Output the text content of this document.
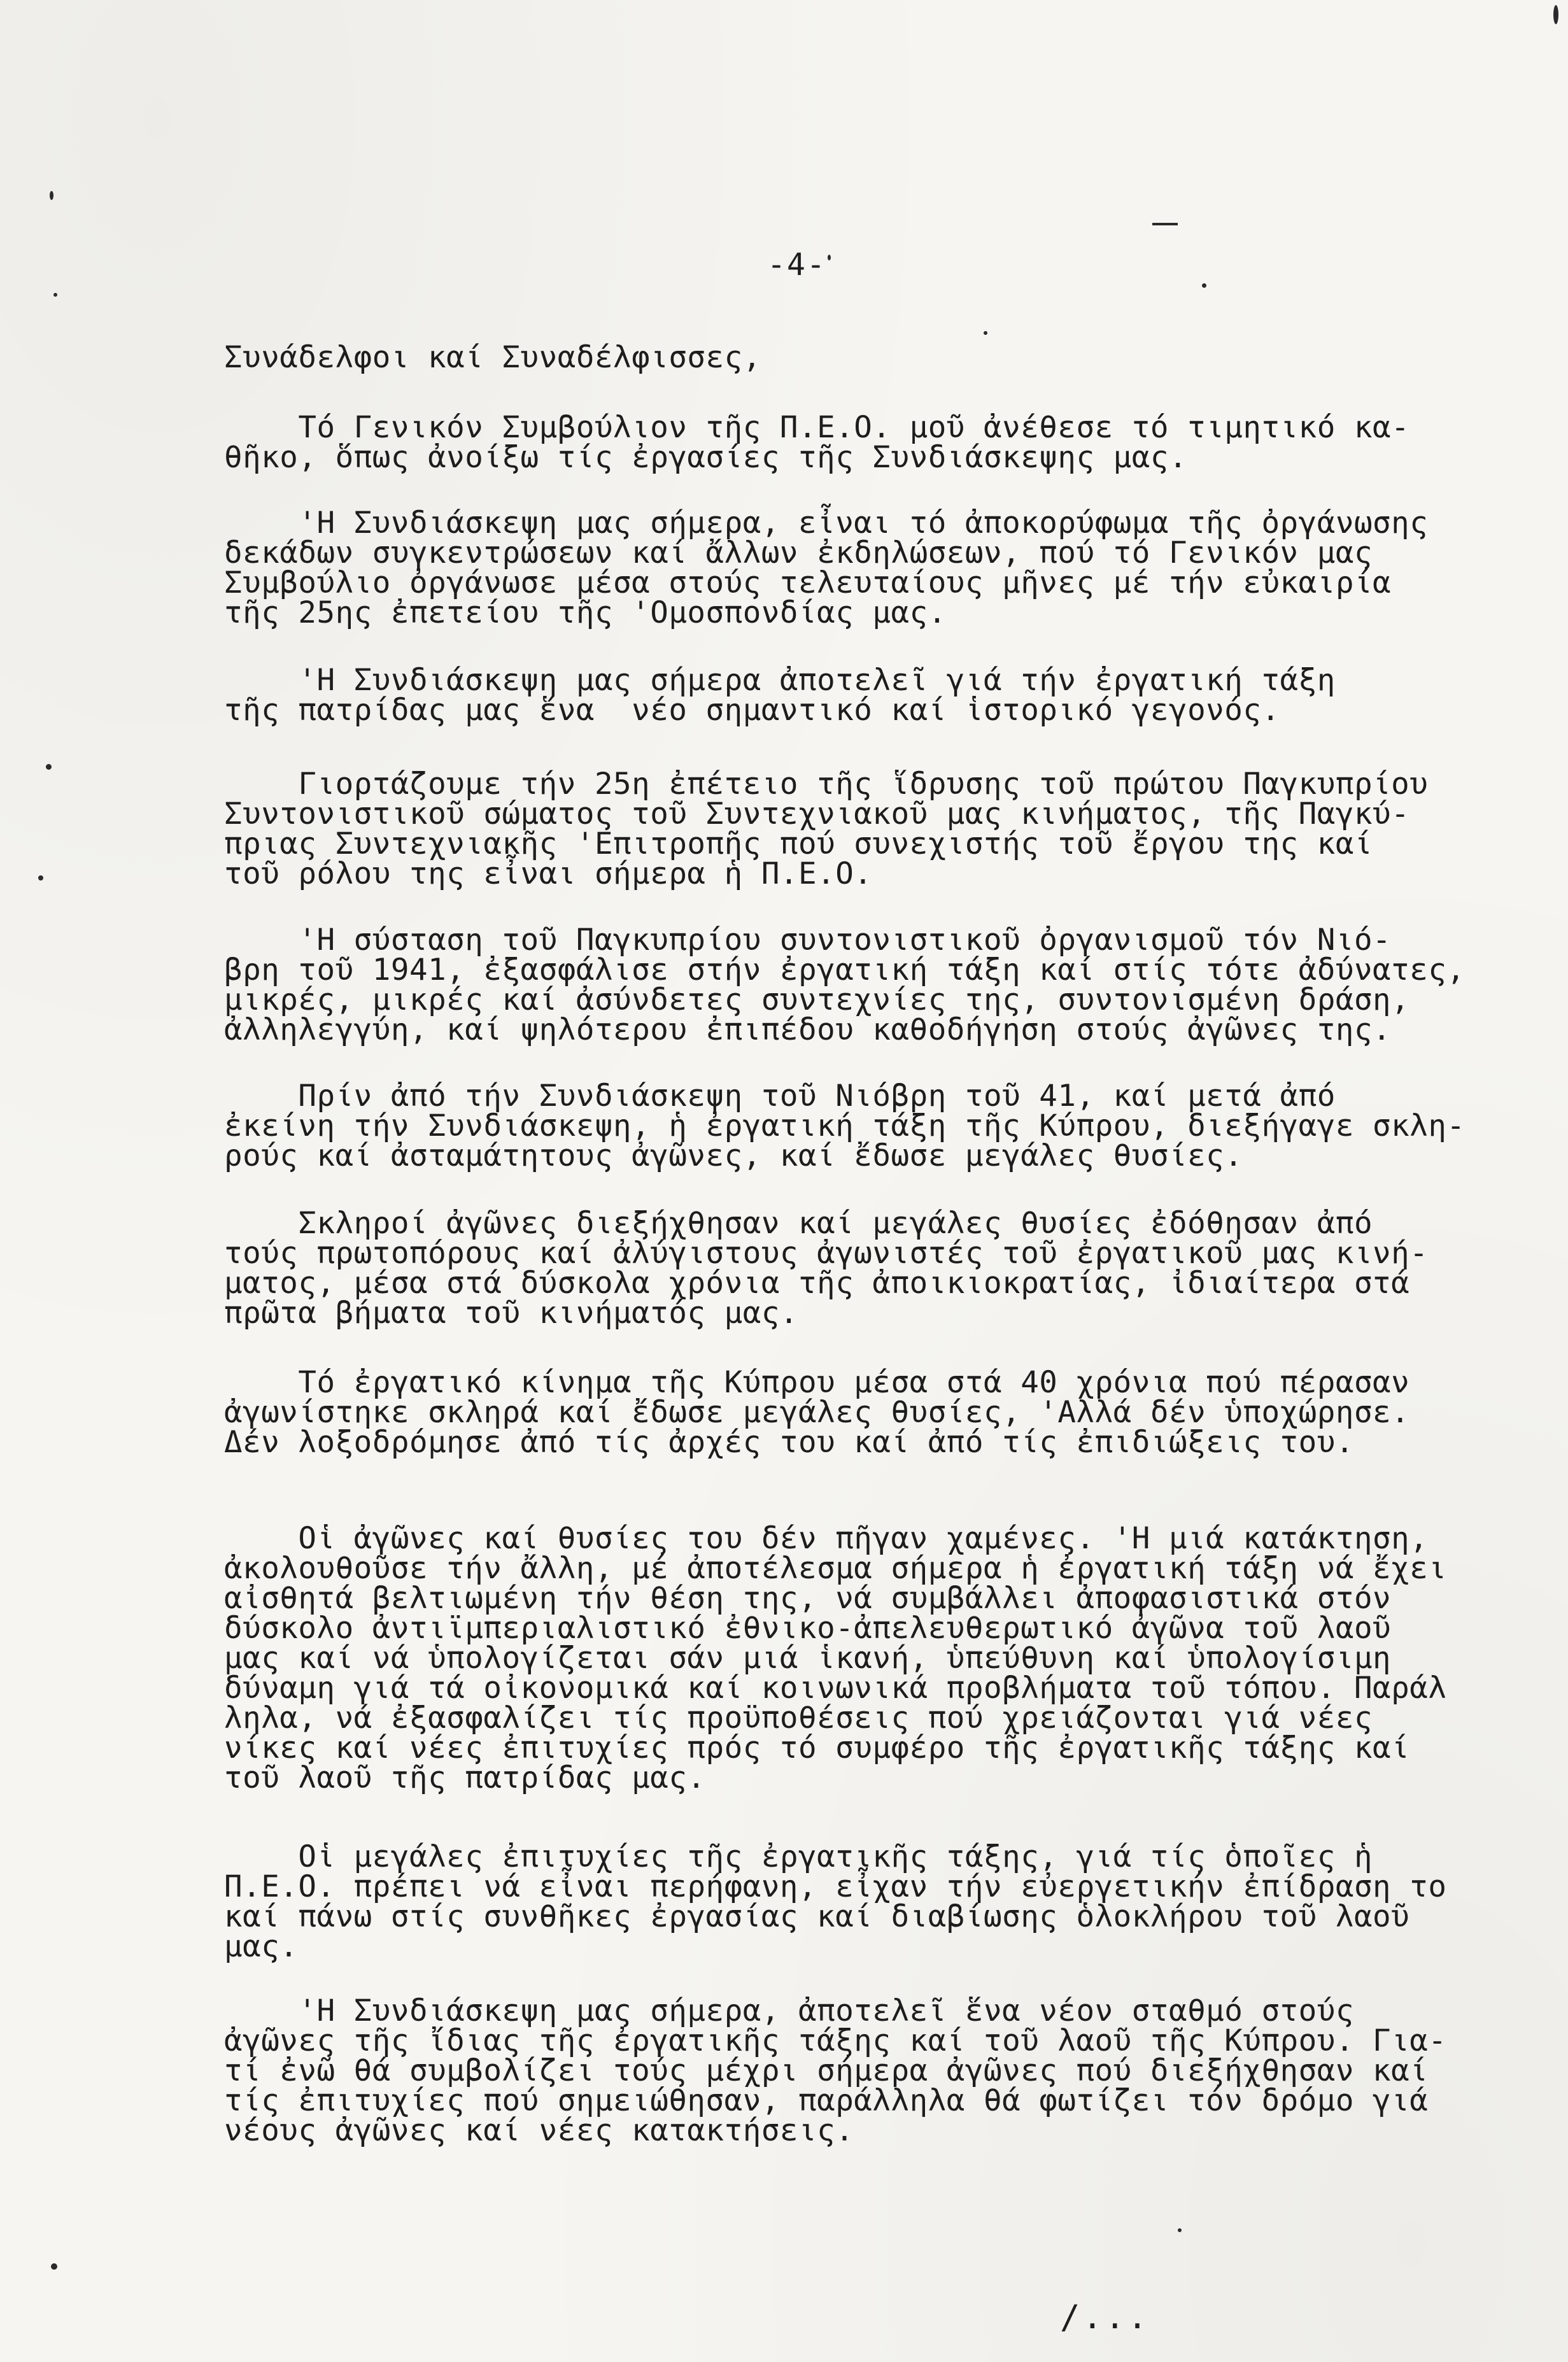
-4-
Συνάδελφοι καί Συναδέλφισσες,
Τό Γενικόν Συμβούλιον τῆς Π.Ε.Ο. μοῦ ἀνέθεσε τό τιμητικό κα-
θῆκο, ὅπως ἀνοίξω τίς ἐργασίες τῆς Συνδιάσκεψης μας.
'Η Συνδιάσκεψη μας σήμερα, εἶναι τό ἀποκορύφωμα τῆς ὀργάνωσης
δεκάδων συγκεντρώσεων καί ἄλλων ἐκδηλώσεων, πού τό Γενικόν μας
Συμβούλιο ὀργάνωσε μέσα στούς τελευταίους μῆνες μέ τήν εὐκαιρία
τῆς 25ης ἐπετείου τῆς 'Ομοσπονδίας μας.
'Η Συνδιάσκεψη μας σήμερα ἀποτελεῖ γιά τήν ἐργατική τάξη
τῆς πατρίδας μας ἕνα  νέο σημαντικό καί ἱστορικό γεγονός.
Γιορτάζουμε τήν 25η ἐπέτειο τῆς ἵδρυσης τοῦ πρώτου Παγκυπρίου
Συντονιστικοῦ σώματος τοῦ Συντεχνιακοῦ μας κινήματος, τῆς Παγκύ-
πριας Συντεχνιακῆς 'Επιτροπῆς πού συνεχιστής τοῦ ἔργου της καί
τοῦ ρόλου της εἶναι σήμερα ἡ Π.Ε.Ο.
'Η σύσταση τοῦ Παγκυπρίου συντονιστικοῦ ὀργανισμοῦ τόν Νιό-
βρη τοῦ 1941, ἐξασφάλισε στήν ἐργατική τάξη καί στίς τότε ἀδύνατες,
μικρές, μικρές καί ἀσύνδετες συντεχνίες της, συντονισμένη δράση,
ἀλληλεγγύη, καί ψηλότερου ἐπιπέδου καθοδήγηση στούς ἀγῶνες της.
Πρίν ἀπό τήν Συνδιάσκεψη τοῦ Νιόβρη τοῦ 41, καί μετά ἀπό
ἐκείνη τήν Συνδιάσκεψη, ἡ ἐργατική τάξη τῆς Κύπρου, διεξήγαγε σκλη-
ρούς καί ἀσταμάτητους ἀγῶνες, καί ἔδωσε μεγάλες θυσίες.
Σκληροί ἀγῶνες διεξήχθησαν καί μεγάλες θυσίες ἐδόθησαν ἀπό
τούς πρωτοπόρους καί ἀλύγιστους ἀγωνιστές τοῦ ἐργατικοῦ μας κινή-
ματος, μέσα στά δύσκολα χρόνια τῆς ἀποικιοκρατίας, ἰδιαίτερα στά
πρῶτα βήματα τοῦ κινήματός μας.
Τό ἐργατικό κίνημα τῆς Κύπρου μέσα στά 40 χρόνια πού πέρασαν
ἀγωνίστηκε σκληρά καί ἔδωσε μεγάλες θυσίες, 'Αλλά δέν ὑποχώρησε.
Δέν λοξοδρόμησε ἀπό τίς ἀρχές του καί ἀπό τίς ἐπιδιώξεις του.
Οἱ ἀγῶνες καί θυσίες του δέν πῆγαν χαμένες. 'Η μιά κατάκτηση,
ἀκολουθοῦσε τήν ἄλλη, μέ ἀποτέλεσμα σήμερα ἡ ἐργατική τάξη νά ἔχει
αἰσθητά βελτιωμένη τήν θέση της, νά συμβάλλει ἀποφασιστικά στόν
δύσκολο ἀντιϊμπεριαλιστικό ἐθνικο-ἀπελευθερωτικό ἀγῶνα τοῦ λαοῦ
μας καί νά ὑπολογίζεται σάν μιά ἱκανή, ὑπεύθυνη καί ὑπολογίσιμη
δύναμη γιά τά οἰκονομικά καί κοινωνικά προβλήματα τοῦ τόπου. Παράλ
ληλα, νά ἐξασφαλίζει τίς προϋποθέσεις πού χρειάζονται γιά νέες
νίκες καί νέες ἐπιτυχίες πρός τό συμφέρο τῆς ἐργατικῆς τάξης καί
τοῦ λαοῦ τῆς πατρίδας μας.
Οἱ μεγάλες ἐπιτυχίες τῆς ἐργατικῆς τάξης, γιά τίς ὁποῖες ἡ
Π.Ε.Ο. πρέπει νά εἶναι περήφανη, εἶχαν τήν εὐεργετικήν ἐπίδραση το
καί πάνω στίς συνθῆκες ἐργασίας καί διαβίωσης ὁλοκλήρου τοῦ λαοῦ
μας.
'Η Συνδιάσκεψη μας σήμερα, ἀποτελεῖ ἕνα νέον σταθμό στούς
ἀγῶνες τῆς ἴδιας τῆς ἐργατικῆς τάξης καί τοῦ λαοῦ τῆς Κύπρου. Για-
τί ἐνῶ θά συμβολίζει τούς μέχρι σήμερα ἀγῶνες πού διεξήχθησαν καί
τίς ἐπιτυχίες πού σημειώθησαν, παράλληλα θά φωτίζει τόν δρόμο γιά
νέους ἀγῶνες καί νέες κατακτήσεις.
/...
